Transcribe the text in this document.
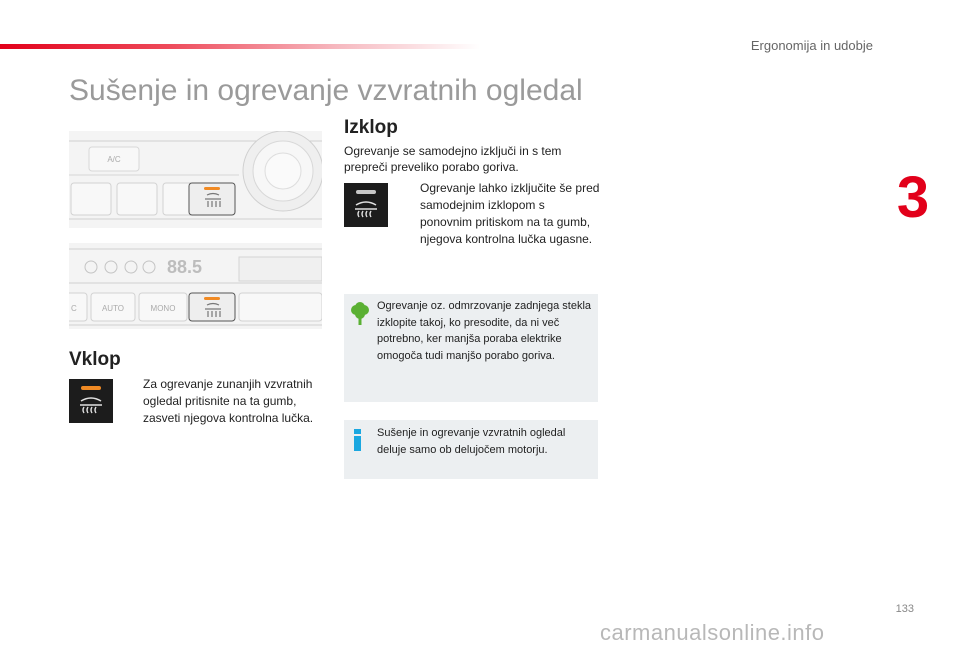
Ergonomija in udobje
3
Sušenje in ogrevanje vzvratnih ogledal
A/C
88.5
C	AUTO	MONO
Izklop
Ogrevanje se samodejno izključi in s tem prepreči preveliko porabo goriva.
Ogrevanje lahko izključite še pred samodejnim izklopom s ponovnim pritiskom na ta gumb, njegova kontrolna lučka ugasne.
Vklop
Za ogrevanje zunanjih vzvratnih ogledal pritisnite na ta gumb, zasveti njegova kontrolna lučka.
Ogrevanje oz. odmrzovanje zadnjega stekla izklopite takoj, ko presodite, da ni več potrebno, ker manjša poraba elektrike omogoča tudi manjšo porabo goriva.
Sušenje in ogrevanje vzvratnih ogledal deluje samo ob delujočem motorju.
133
carmanualsonline.info
